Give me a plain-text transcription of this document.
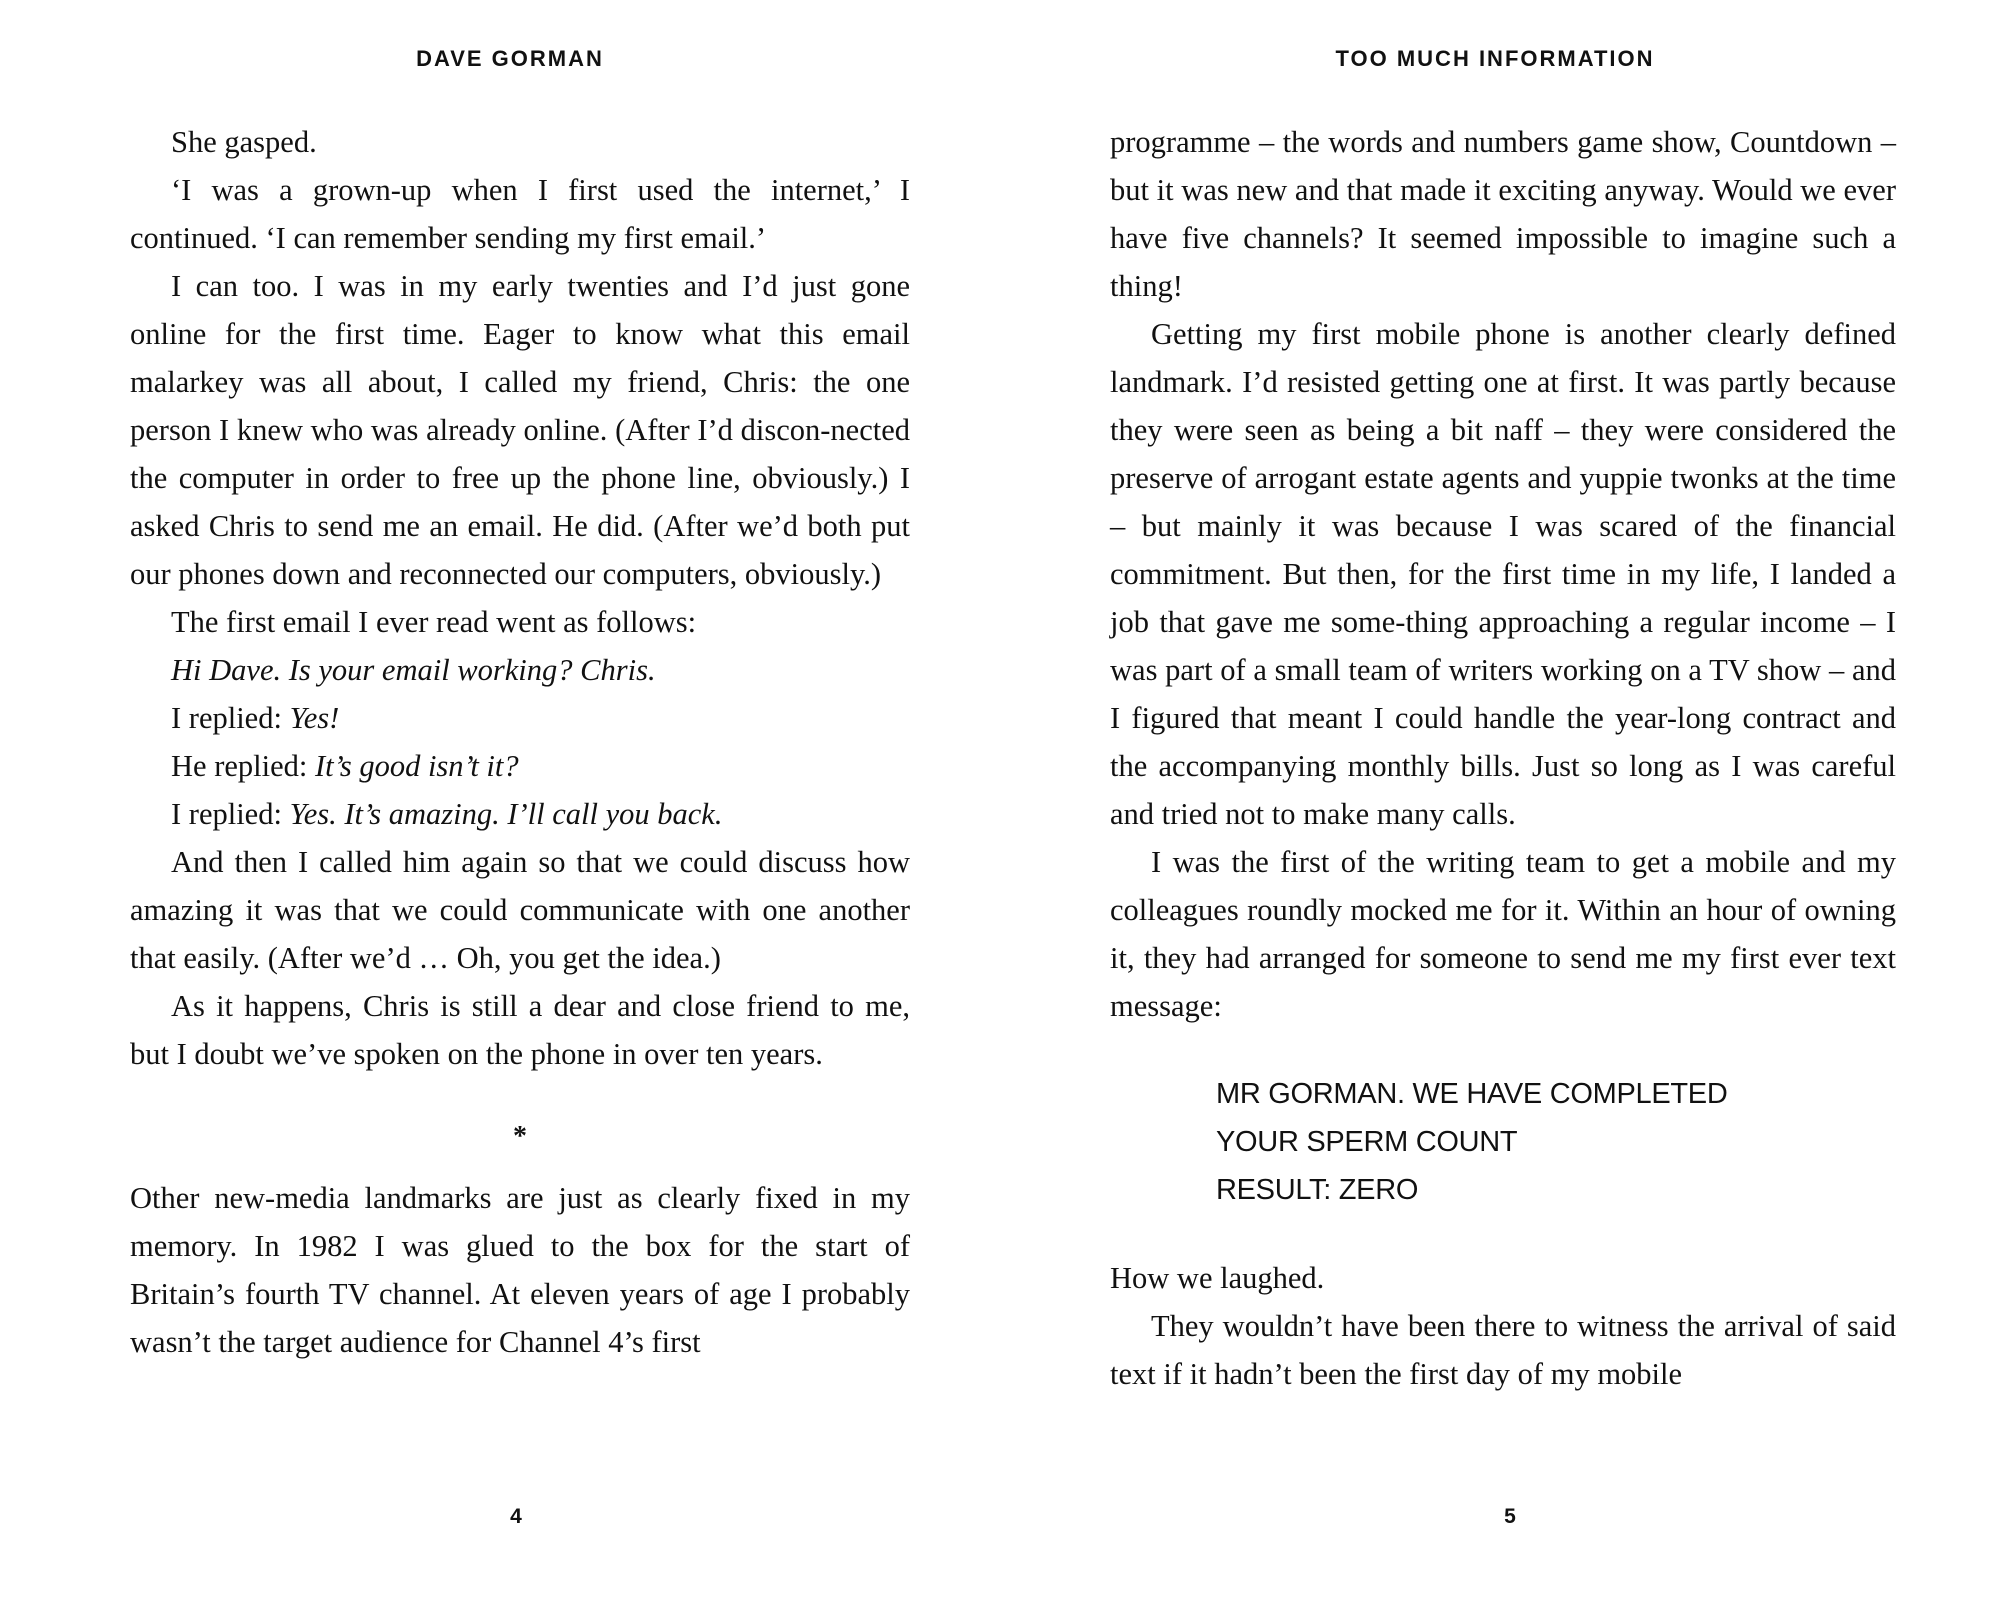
DAVE GORMAN

She gasped.

‘I was a grown-up when I first used the internet,’ I continued. ‘I can remember sending my first email.’

I can too. I was in my early twenties and I’d just gone online for the first time. Eager to know what this email malarkey was all about, I called my friend, Chris: the one person I knew who was already online. (After I’d discon-nected the computer in order to free up the phone line, obviously.) I asked Chris to send me an email. He did. (After we’d both put our phones down and reconnected our computers, obviously.)

The first email I ever read went as follows:

Hi Dave. Is your email working? Chris.

I replied: Yes!

He replied: It’s good isn’t it?

I replied: Yes. It’s amazing. I’ll call you back.

And then I called him again so that we could discuss how amazing it was that we could communicate with one another that easily. (After we’d … Oh, you get the idea.)

As it happens, Chris is still a dear and close friend to me, but I doubt we’ve spoken on the phone in over ten years.

*

Other new-media landmarks are just as clearly fixed in my memory. In 1982 I was glued to the box for the start of Britain’s fourth TV channel. At eleven years of age I probably wasn’t the target audience for Channel 4’s first

4
TOO MUCH INFORMATION

programme – the words and numbers game show, Countdown – but it was new and that made it exciting anyway. Would we ever have five channels? It seemed impossible to imagine such a thing!

Getting my first mobile phone is another clearly defined landmark. I’d resisted getting one at first. It was partly because they were seen as being a bit naff – they were considered the preserve of arrogant estate agents and yuppie twonks at the time – but mainly it was because I was scared of the financial commitment. But then, for the first time in my life, I landed a job that gave me some-thing approaching a regular income – I was part of a small team of writers working on a TV show – and I figured that meant I could handle the year-long contract and the accompanying monthly bills. Just so long as I was careful and tried not to make many calls.

I was the first of the writing team to get a mobile and my colleagues roundly mocked me for it. Within an hour of owning it, they had arranged for someone to send me my first ever text message:

MR GORMAN. WE HAVE COMPLETED
YOUR SPERM COUNT
RESULT: ZERO

How we laughed.

They wouldn’t have been there to witness the arrival of said text if it hadn’t been the first day of my mobile

5
